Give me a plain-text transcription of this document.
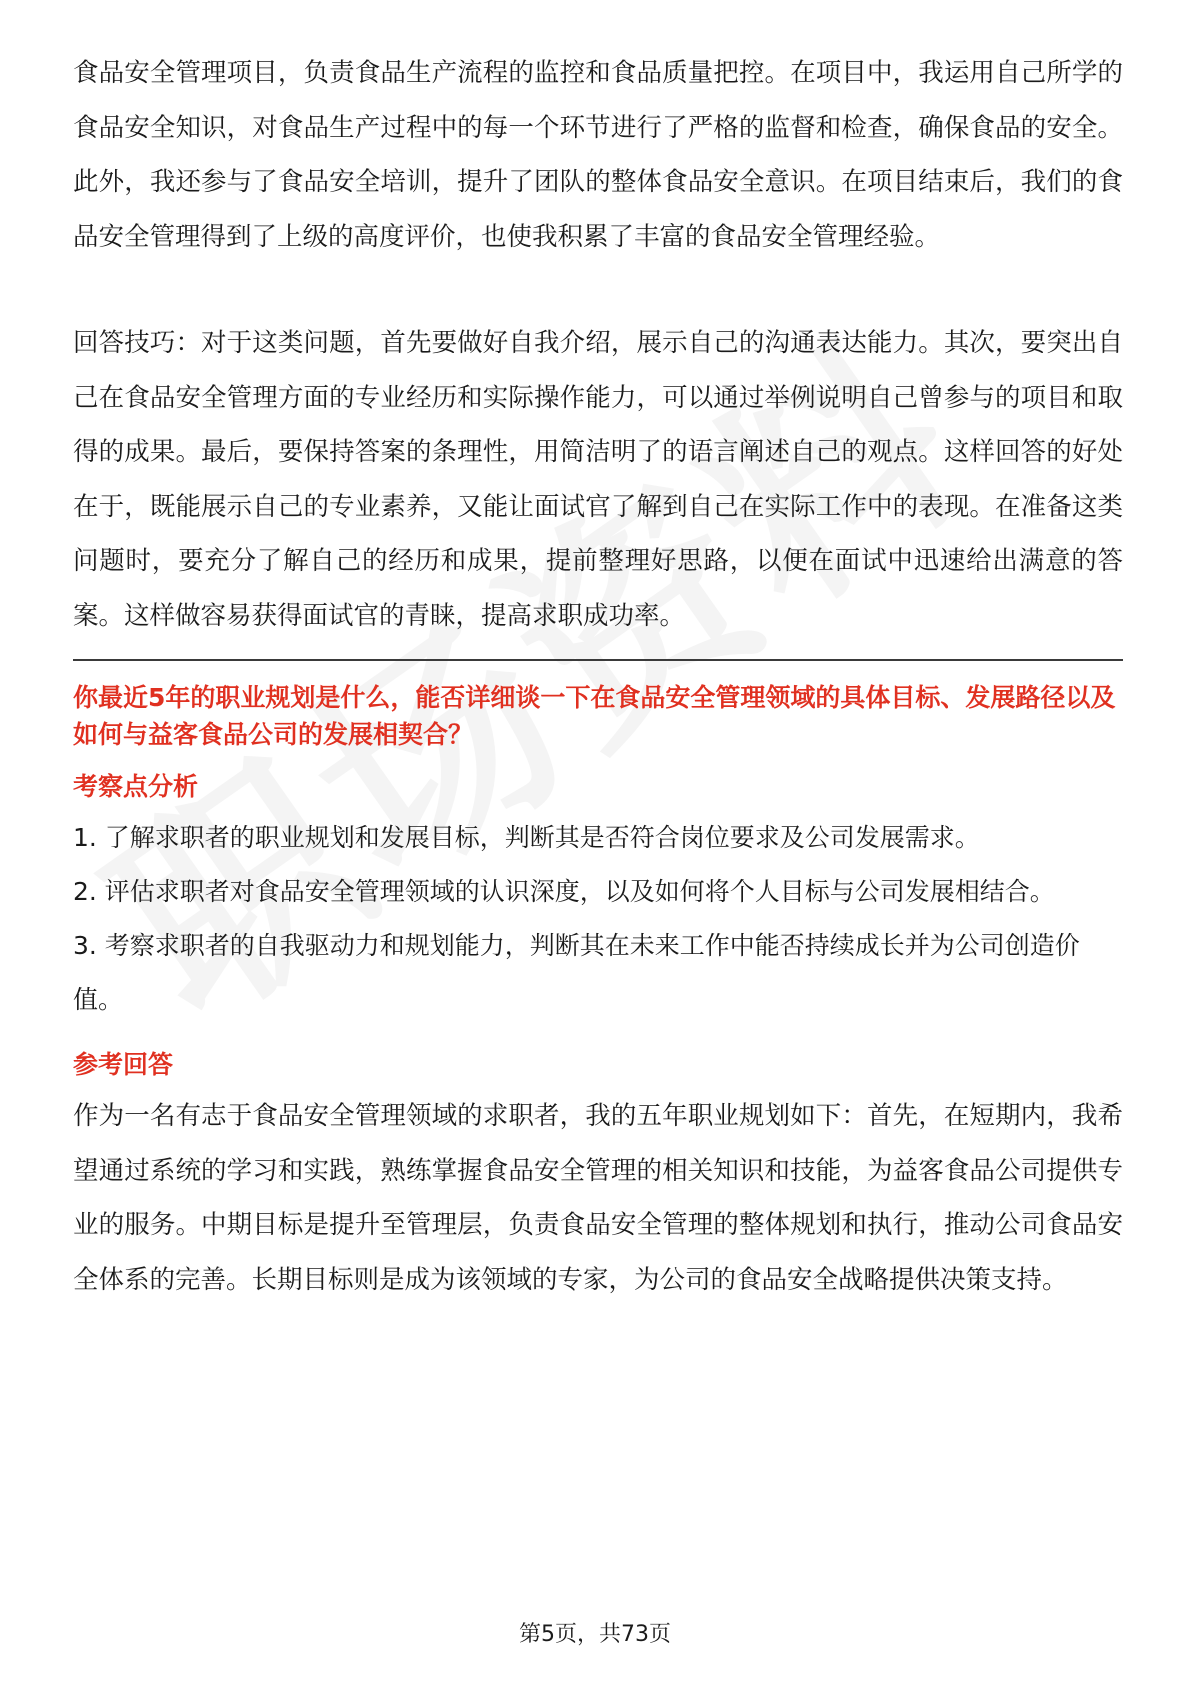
食品安全管理项目，负责食品生产流程的监控和食品质量把控。在项目中，我运用自己所学的食品安全知识，对食品生产过程中的每一个环节进行了严格的监督和检查，确保食品的安全。此外，我还参与了食品安全培训，提升了团队的整体食品安全意识。在项目结束后，我们的食品安全管理得到了上级的高度评价，也使我积累了丰富的食品安全管理经验。

回答技巧：对于这类问题，首先要做好自我介绍，展示自己的沟通表达能力。其次，要突出自己在食品安全管理方面的专业经历和实际操作能力，可以通过举例说明自己曾参与的项目和取得的成果。最后，要保持答案的条理性，用简洁明了的语言阐述自己的观点。这样回答的好处在于，既能展示自己的专业素养，又能让面试官了解到自己在实际工作中的表现。在准备这类问题时，要充分了解自己的经历和成果，提前整理好思路，以便在面试中迅速给出满意的答案。这样做容易获得面试官的青睐，提高求职成功率。

你最近5年的职业规划是什么，能否详细谈一下在食品安全管理领域的具体目标、发展路径以及如何与益客食品公司的发展相契合？

考察点分析

1. 了解求职者的职业规划和发展目标，判断其是否符合岗位要求及公司发展需求。

2. 评估求职者对食品安全管理领域的认识深度，以及如何将个人目标与公司发展相结合。

3. 考察求职者的自我驱动力和规划能力，判断其在未来工作中能否持续成长并为公司创造价值。

参考回答

作为一名有志于食品安全管理领域的求职者，我的五年职业规划如下：首先，在短期内，我希望通过系统的学习和实践，熟练掌握食品安全管理的相关知识和技能，为益客食品公司提供专业的服务。中期目标是提升至管理层，负责食品安全管理的整体规划和执行，推动公司食品安全体系的完善。长期目标则是成为该领域的专家，为公司的食品安全战略提供决策支持。

第5页，共73页
